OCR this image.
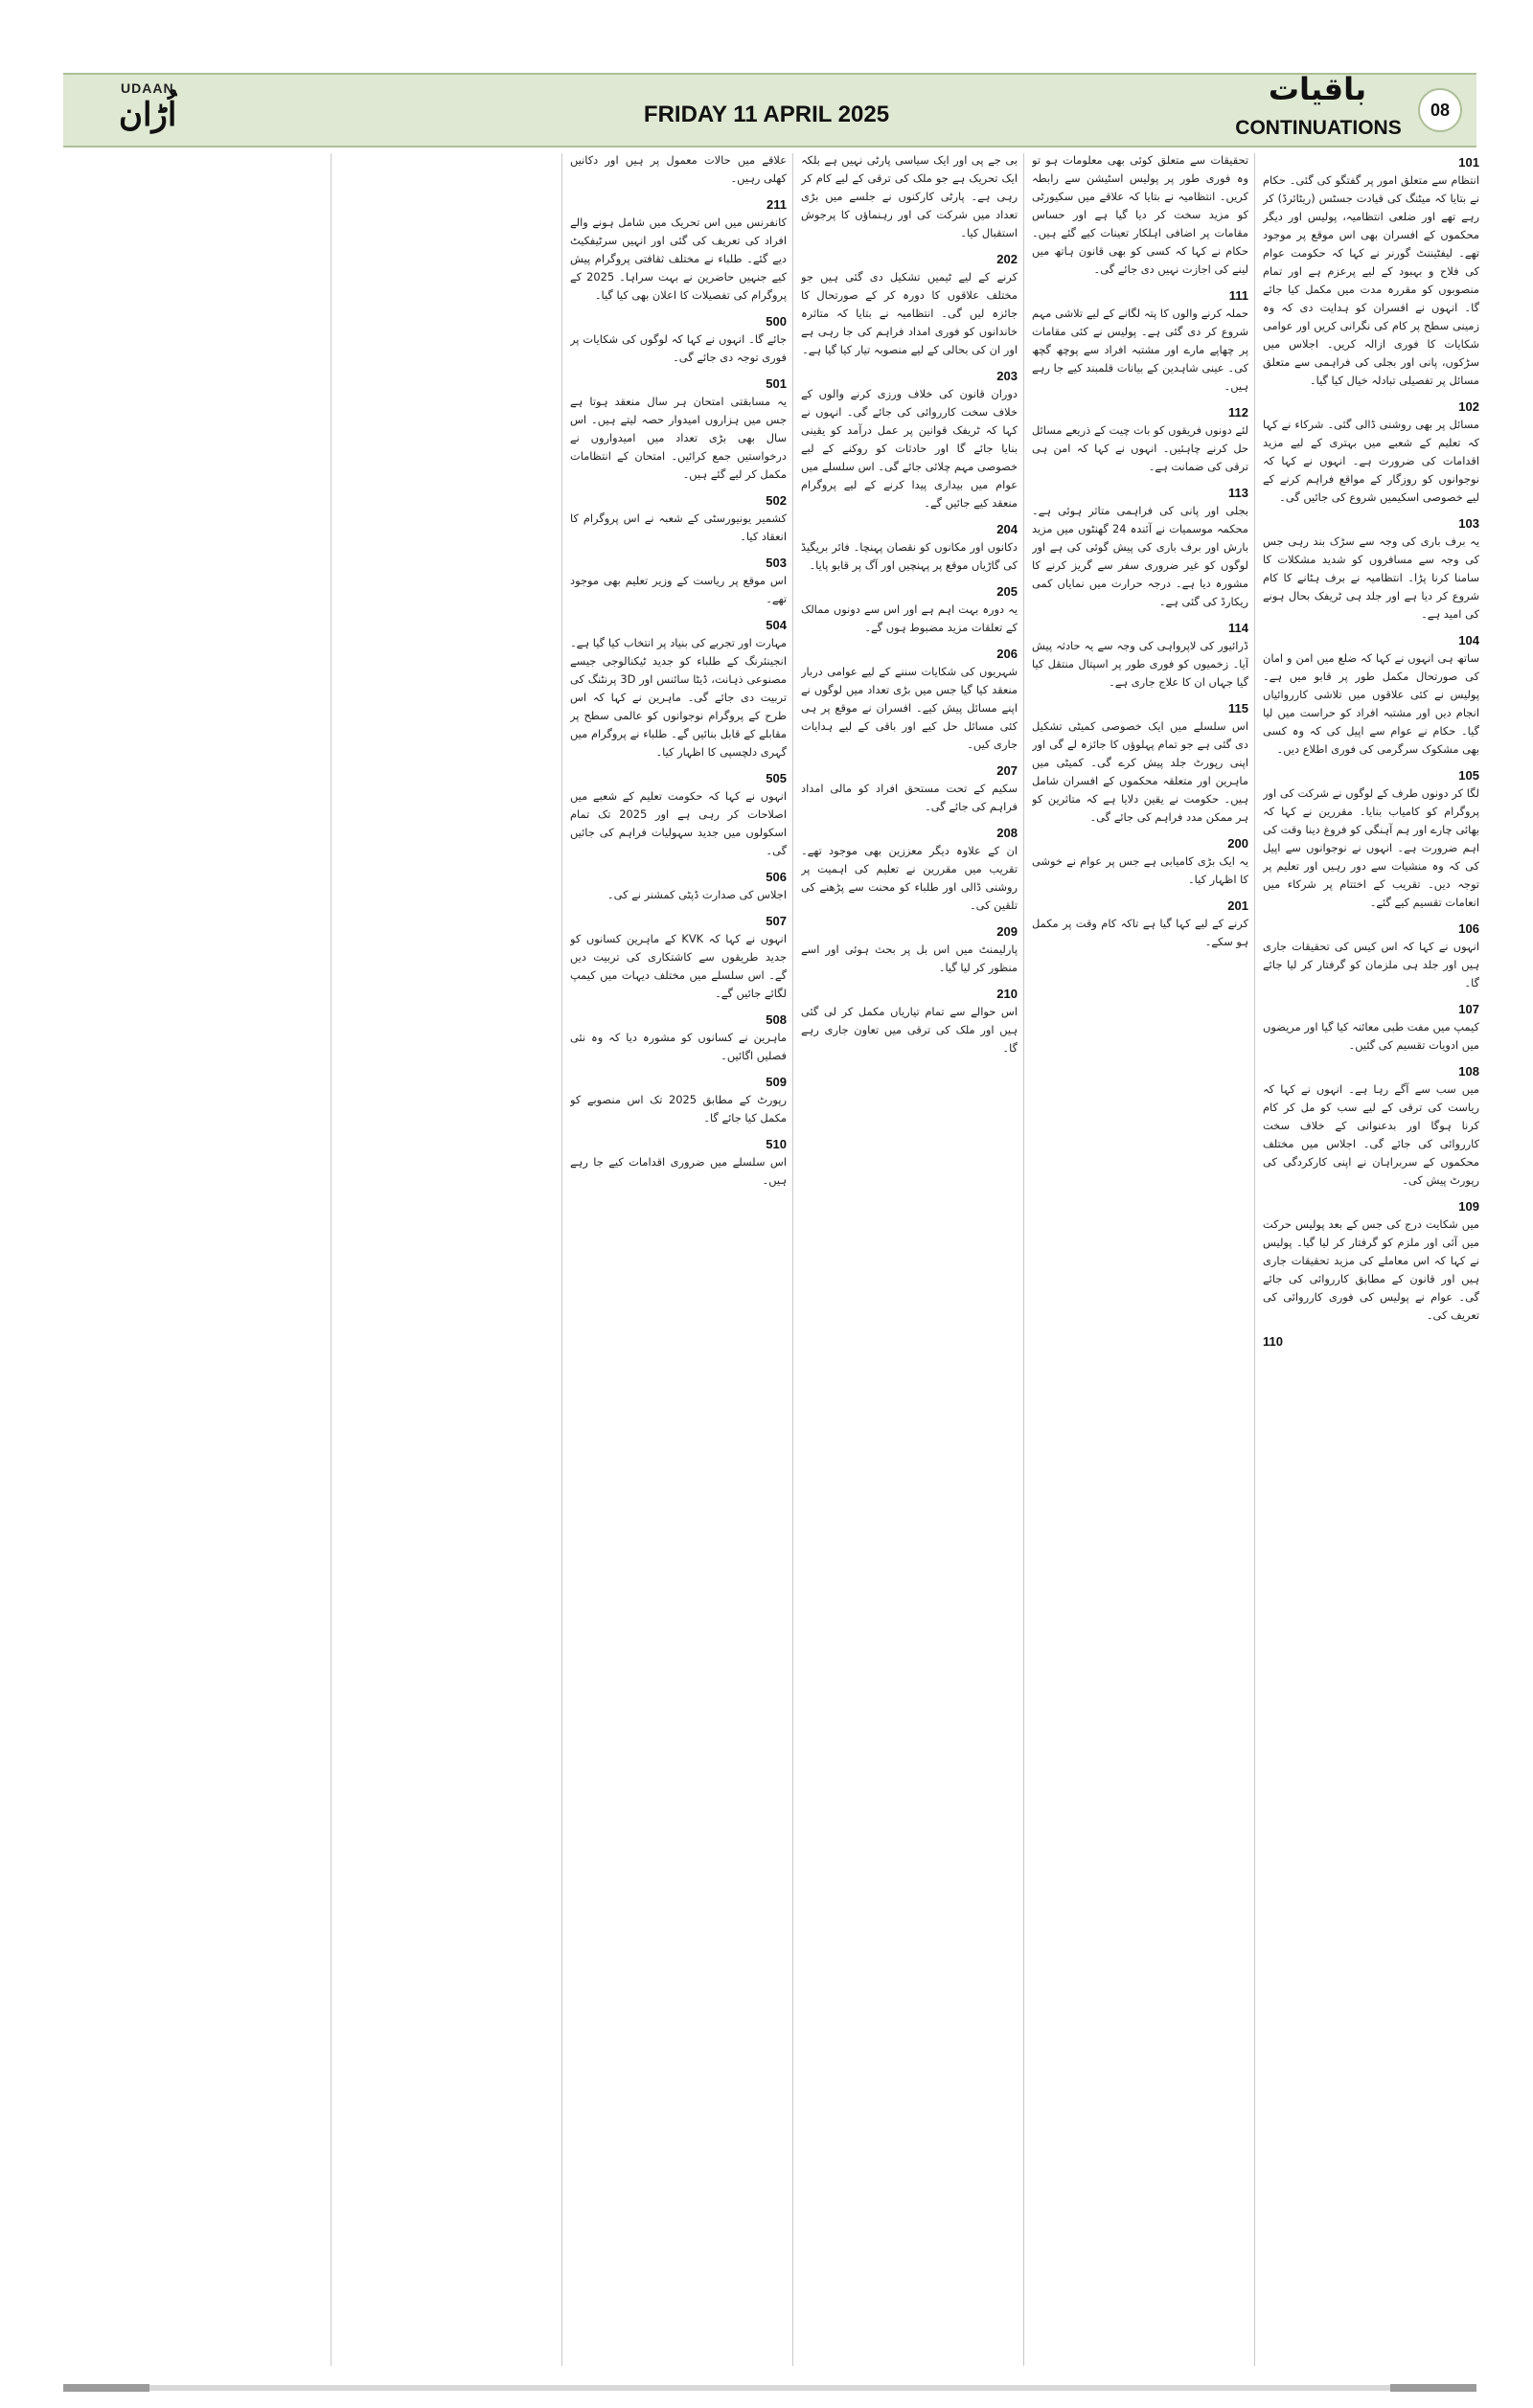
UDAAN
اُڑان	FRIDAY 11 APRIL 2025
باقیات
CONTINUATIONS
08
101
انتظام سے متعلق امور پر گفتگو کی گئی۔ حکام نے بتایا کہ میٹنگ کی قیادت جسٹس (ریٹائرڈ) کر رہے تھے اور ضلعی انتظامیہ، پولیس اور دیگر محکموں کے افسران بھی اس موقع پر موجود تھے۔ لیفٹیننٹ گورنر نے کہا کہ حکومت عوام کی فلاح و بہبود کے لیے پرعزم ہے اور تمام منصوبوں کو مقررہ مدت میں مکمل کیا جائے گا۔ انہوں نے افسران کو ہدایت دی کہ وہ زمینی سطح پر کام کی نگرانی کریں اور عوامی شکایات کا فوری ازالہ کریں۔ اجلاس میں سڑکوں، پانی اور بجلی کی فراہمی سے متعلق مسائل پر تفصیلی تبادلہ خیال کیا گیا۔
102
مسائل پر بھی روشنی ڈالی گئی۔ شرکاء نے کہا کہ تعلیم کے شعبے میں بہتری کے لیے مزید اقدامات کی ضرورت ہے۔ انہوں نے کہا کہ نوجوانوں کو روزگار کے مواقع فراہم کرنے کے لیے خصوصی اسکیمیں شروع کی جائیں گی۔
103
یہ برف باری کی وجہ سے سڑک بند رہی جس کی وجہ سے مسافروں کو شدید مشکلات کا سامنا کرنا پڑا۔ انتظامیہ نے برف ہٹانے کا کام شروع کر دیا ہے اور جلد ہی ٹریفک بحال ہونے کی امید ہے۔
104
ساتھ ہی انہوں نے کہا کہ ضلع میں امن و امان کی صورتحال مکمل طور پر قابو میں ہے۔ پولیس نے کئی علاقوں میں تلاشی کارروائیاں انجام دیں اور مشتبہ افراد کو حراست میں لیا گیا۔ حکام نے عوام سے اپیل کی کہ وہ کسی بھی مشکوک سرگرمی کی فوری اطلاع دیں۔
105
لگا کر دونوں طرف کے لوگوں نے شرکت کی اور پروگرام کو کامیاب بنایا۔ مقررین نے کہا کہ بھائی چارے اور ہم آہنگی کو فروغ دینا وقت کی اہم ضرورت ہے۔ انہوں نے نوجوانوں سے اپیل کی کہ وہ منشیات سے دور رہیں اور تعلیم پر توجہ دیں۔ تقریب کے اختتام پر شرکاء میں انعامات تقسیم کیے گئے۔
106
انہوں نے کہا کہ اس کیس کی تحقیقات جاری ہیں اور جلد ہی ملزمان کو گرفتار کر لیا جائے گا۔
107
کیمپ میں مفت طبی معائنہ کیا گیا اور مریضوں میں ادویات تقسیم کی گئیں۔
108
میں سب سے آگے رہا ہے۔ انہوں نے کہا کہ ریاست کی ترقی کے لیے سب کو مل کر کام کرنا ہوگا اور بدعنوانی کے خلاف سخت کارروائی کی جائے گی۔ اجلاس میں مختلف محکموں کے سربراہان نے اپنی کارکردگی کی رپورٹ پیش کی۔
109
میں شکایت درج کی جس کے بعد پولیس حرکت میں آئی اور ملزم کو گرفتار کر لیا گیا۔ پولیس نے کہا کہ اس معاملے کی مزید تحقیقات جاری ہیں اور قانون کے مطابق کارروائی کی جائے گی۔ عوام نے پولیس کی فوری کارروائی کی تعریف کی۔
110
تحقیقات سے متعلق کوئی بھی معلومات ہو تو وہ فوری طور پر پولیس اسٹیشن سے رابطہ کریں۔ انتظامیہ نے بتایا کہ علاقے میں سکیورٹی کو مزید سخت کر دیا گیا ہے اور حساس مقامات پر اضافی اہلکار تعینات کیے گئے ہیں۔ حکام نے کہا کہ کسی کو بھی قانون ہاتھ میں لینے کی اجازت نہیں دی جائے گی۔
111
حملہ کرنے والوں کا پتہ لگانے کے لیے تلاشی مہم شروع کر دی گئی ہے۔ پولیس نے کئی مقامات پر چھاپے مارے اور مشتبہ افراد سے پوچھ گچھ کی۔ عینی شاہدین کے بیانات قلمبند کیے جا رہے ہیں۔
112
لئے دونوں فریقوں کو بات چیت کے ذریعے مسائل حل کرنے چاہئیں۔ انہوں نے کہا کہ امن ہی ترقی کی ضمانت ہے۔
113
بجلی اور پانی کی فراہمی متاثر ہوئی ہے۔ محکمہ موسمیات نے آئندہ 24 گھنٹوں میں مزید بارش اور برف باری کی پیش گوئی کی ہے اور لوگوں کو غیر ضروری سفر سے گریز کرنے کا مشورہ دیا ہے۔ درجہ حرارت میں نمایاں کمی ریکارڈ کی گئی ہے۔
114
ڈرائیور کی لاپرواہی کی وجہ سے یہ حادثہ پیش آیا۔ زخمیوں کو فوری طور پر اسپتال منتقل کیا گیا جہاں ان کا علاج جاری ہے۔
115
اس سلسلے میں ایک خصوصی کمیٹی تشکیل دی گئی ہے جو تمام پہلوؤں کا جائزہ لے گی اور اپنی رپورٹ جلد پیش کرے گی۔ کمیٹی میں ماہرین اور متعلقہ محکموں کے افسران شامل ہیں۔ حکومت نے یقین دلایا ہے کہ متاثرین کو ہر ممکن مدد فراہم کی جائے گی۔
200
یہ ایک بڑی کامیابی ہے جس پر عوام نے خوشی کا اظہار کیا۔
201
کرنے کے لیے کہا گیا ہے تاکہ کام وقت پر مکمل ہو سکے۔
بی جے پی اور ایک سیاسی پارٹی نہیں ہے بلکہ ایک تحریک ہے جو ملک کی ترقی کے لیے کام کر رہی ہے۔ پارٹی کارکنوں نے جلسے میں بڑی تعداد میں شرکت کی اور رہنماؤں کا پرجوش استقبال کیا۔
202
کرنے کے لیے ٹیمیں تشکیل دی گئی ہیں جو مختلف علاقوں کا دورہ کر کے صورتحال کا جائزہ لیں گی۔ انتظامیہ نے بتایا کہ متاثرہ خاندانوں کو فوری امداد فراہم کی جا رہی ہے اور ان کی بحالی کے لیے منصوبہ تیار کیا گیا ہے۔
203
دوران قانون کی خلاف ورزی کرنے والوں کے خلاف سخت کارروائی کی جائے گی۔ انہوں نے کہا کہ ٹریفک قوانین پر عمل درآمد کو یقینی بنایا جائے گا اور حادثات کو روکنے کے لیے خصوصی مہم چلائی جائے گی۔ اس سلسلے میں عوام میں بیداری پیدا کرنے کے لیے پروگرام منعقد کیے جائیں گے۔
204
دکانوں اور مکانوں کو نقصان پہنچا۔ فائر بریگیڈ کی گاڑیاں موقع پر پہنچیں اور آگ پر قابو پایا۔
205
یہ دورہ بہت اہم ہے اور اس سے دونوں ممالک کے تعلقات مزید مضبوط ہوں گے۔
206
شہریوں کی شکایات سننے کے لیے عوامی دربار منعقد کیا گیا جس میں بڑی تعداد میں لوگوں نے اپنے مسائل پیش کیے۔ افسران نے موقع پر ہی کئی مسائل حل کیے اور باقی کے لیے ہدایات جاری کیں۔
207
سکیم کے تحت مستحق افراد کو مالی امداد فراہم کی جائے گی۔
208
ان کے علاوہ دیگر معززین بھی موجود تھے۔ تقریب میں مقررین نے تعلیم کی اہمیت پر روشنی ڈالی اور طلباء کو محنت سے پڑھنے کی تلقین کی۔
209
پارلیمنٹ میں اس بل پر بحث ہوئی اور اسے منظور کر لیا گیا۔
210
اس حوالے سے تمام تیاریاں مکمل کر لی گئی ہیں اور ملک کی ترقی میں تعاون جاری رہے گا۔
علاقے میں حالات معمول پر ہیں اور دکانیں کھلی رہیں۔
211
کانفرنس میں اس تحریک میں شامل ہونے والے افراد کی تعریف کی گئی اور انہیں سرٹیفکیٹ دیے گئے۔ طلباء نے مختلف ثقافتی پروگرام پیش کیے جنہیں حاضرین نے بہت سراہا۔ 2025 کے پروگرام کی تفصیلات کا اعلان بھی کیا گیا۔
500
جائے گا۔ انہوں نے کہا کہ لوگوں کی شکایات پر فوری توجہ دی جائے گی۔
501
یہ مسابقتی امتحان ہر سال منعقد ہوتا ہے جس میں ہزاروں امیدوار حصہ لیتے ہیں۔ اس سال بھی بڑی تعداد میں امیدواروں نے درخواستیں جمع کرائیں۔ امتحان کے انتظامات مکمل کر لیے گئے ہیں۔
502
کشمیر یونیورسٹی کے شعبہ نے اس پروگرام کا انعقاد کیا۔
503
اس موقع پر ریاست کے وزیر تعلیم بھی موجود تھے۔
504
مہارت اور تجربے کی بنیاد پر انتخاب کیا گیا ہے۔ انجینئرنگ کے طلباء کو جدید ٹیکنالوجی جیسے مصنوعی ذہانت، ڈیٹا سائنس اور 3D پرنٹنگ کی تربیت دی جائے گی۔ ماہرین نے کہا کہ اس طرح کے پروگرام نوجوانوں کو عالمی سطح پر مقابلے کے قابل بنائیں گے۔ طلباء نے پروگرام میں گہری دلچسپی کا اظہار کیا۔
505
انہوں نے کہا کہ حکومت تعلیم کے شعبے میں اصلاحات کر رہی ہے اور 2025 تک تمام اسکولوں میں جدید سہولیات فراہم کی جائیں گی۔
506
اجلاس کی صدارت ڈپٹی کمشنر نے کی۔
507
انہوں نے کہا کہ KVK کے ماہرین کسانوں کو جدید طریقوں سے کاشتکاری کی تربیت دیں گے۔ اس سلسلے میں مختلف دیہات میں کیمپ لگائے جائیں گے۔
508
ماہرین نے کسانوں کو مشورہ دیا کہ وہ نئی فصلیں اگائیں۔
509
رپورٹ کے مطابق 2025 تک اس منصوبے کو مکمل کیا جائے گا۔
510
اس سلسلے میں ضروری اقدامات کیے جا رہے ہیں۔
